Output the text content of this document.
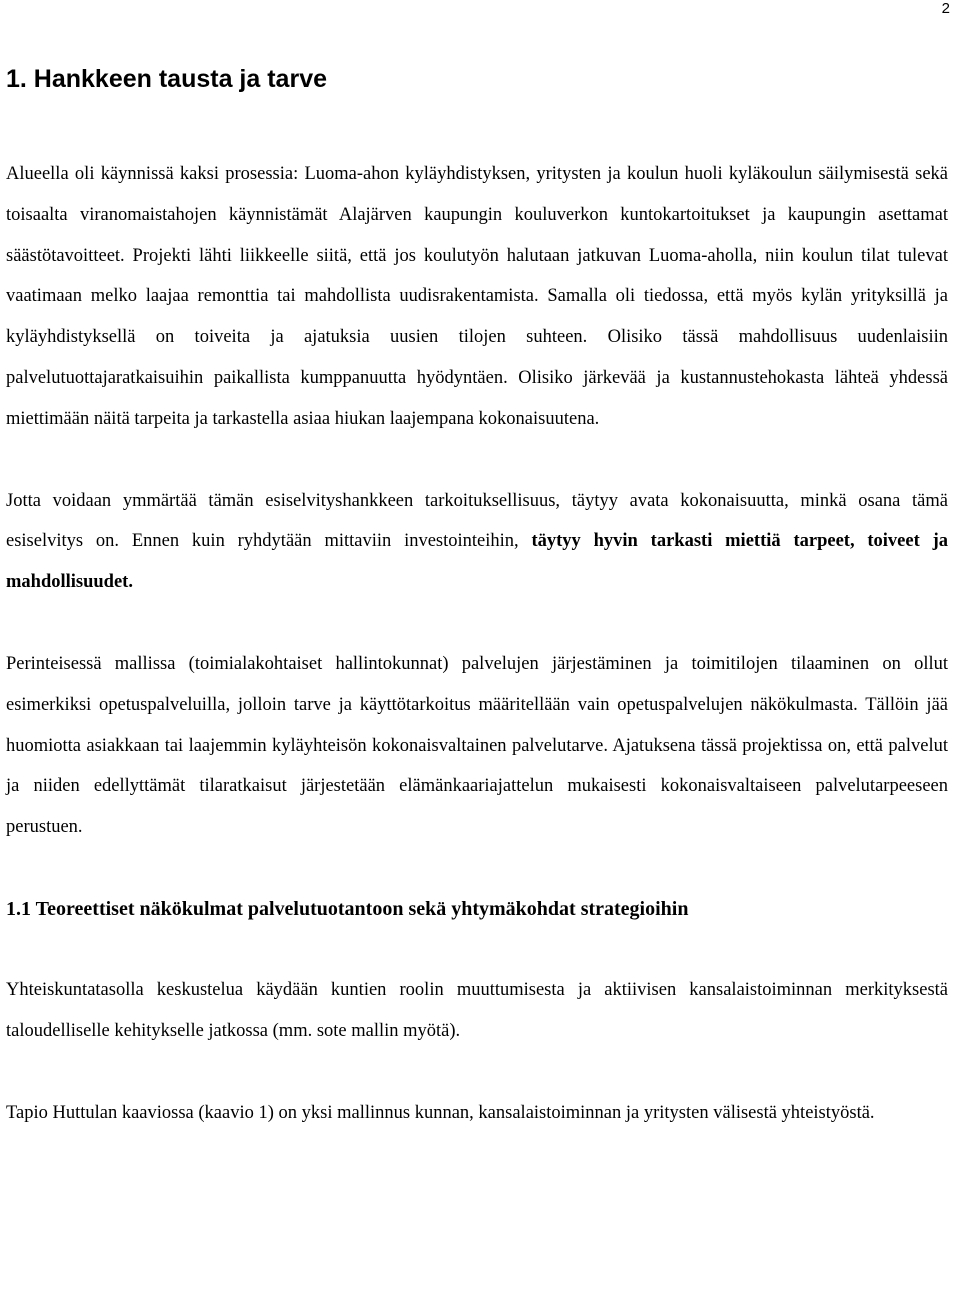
2
1. Hankkeen tausta ja tarve

Alueella oli käynnissä kaksi prosessia: Luoma-ahon kyläyhdistyksen, yritysten ja koulun huoli kyläkoulun säilymisestä sekä toisaalta viranomaistahojen käynnistämät Alajärven kaupungin kouluverkon kuntokartoitukset ja kaupungin asettamat säästötavoitteet. Projekti lähti liikkeelle siitä, että jos koulutyön halutaan jatkuvan Luoma-aholla, niin koulun tilat tulevat vaatimaan melko laajaa remonttia tai mahdollista uudisrakentamista. Samalla oli tiedossa, että myös kylän yrityksillä ja kyläyhdistyksellä on toiveita ja ajatuksia uusien tilojen suhteen. Olisiko tässä mahdollisuus uudenlaisiin palvelutuottajaratkaisuihin paikallista kumppanuutta hyödyntäen. Olisiko järkevää ja kustannustehokasta lähteä yhdessä miettimään näitä tarpeita ja tarkastella asiaa hiukan laajempana kokonaisuutena.

Jotta voidaan ymmärtää tämän esiselvityshankkeen tarkoituksellisuus, täytyy avata kokonaisuutta, minkä osana tämä esiselvitys on. Ennen kuin ryhdytään mittaviin investointeihin, täytyy hyvin tarkasti miettiä tarpeet, toiveet ja mahdollisuudet.

Perinteisessä mallissa (toimialakohtaiset hallintokunnat) palvelujen järjestäminen ja toimitilojen tilaaminen on ollut esimerkiksi opetuspalveluilla, jolloin tarve ja käyttötarkoitus määritellään vain opetuspalvelujen näkökulmasta. Tällöin jää huomiotta asiakkaan tai laajemmin kyläyhteisön kokonaisvaltainen palvelutarve. Ajatuksena tässä projektissa on, että palvelut ja niiden edellyttämät tilaratkaisut järjestetään elämänkaariajattelun mukaisesti kokonaisvaltaiseen palvelutarpeeseen perustuen.

1.1 Teoreettiset näkökulmat palvelutuotantoon sekä yhtymäkohdat strategioihin

Yhteiskuntatasolla keskustelua käydään kuntien roolin muuttumisesta ja aktiivisen kansalaistoiminnan merkityksestä taloudelliselle kehitykselle jatkossa (mm. sote mallin myötä).

Tapio Huttulan kaaviossa (kaavio 1) on yksi mallinnus kunnan, kansalaistoiminnan ja yritysten välisestä yhteistyöstä.
